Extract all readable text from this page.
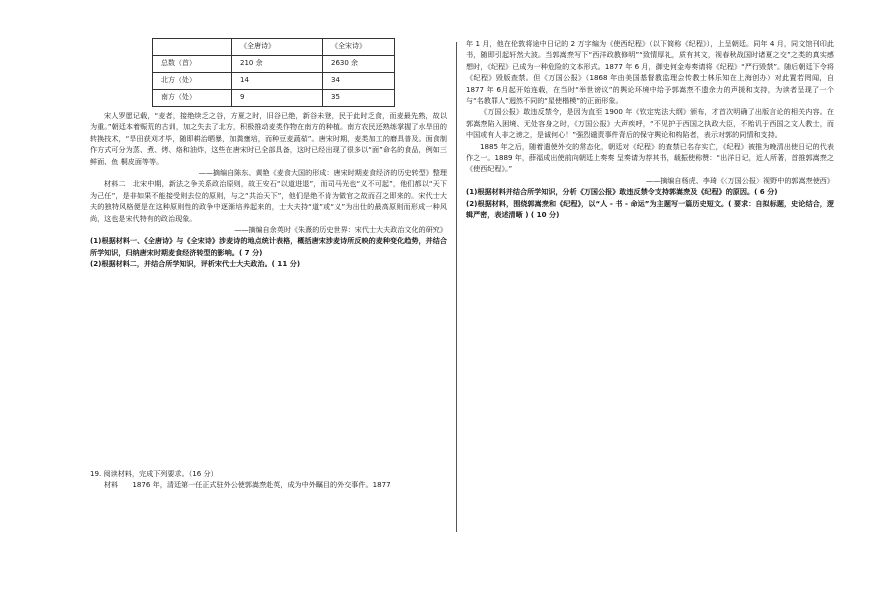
	《全唐诗》	《全宋诗》
总数（首）	210 余	2630 余
北方（处）	14	34
南方（处）	9	35

宋人罗愿记载，“麦者，接绝续乏之谷，方夏之时，旧谷已绝，新谷未登，民于此时乏食，而麦最先熟，故以为重。”朝廷本着赈荒的古训，加之失去了北方，积极推动麦类作物在南方的种植。南方农民还熟练掌握了水旱田的转换技术，“旱田获刈才毕，随即耕治晒暴，加粪壅培，而种豆麦蔬茹”。唐宋时期，麦类加工的磨具普及。面食制作方式可分为蒸、煮、烤、烙和油炸，这些在唐宋时已全部具备，这时已经出现了很多以“面”命名的食品，例如三鲜面、鱼 桐皮面等等。

——摘编自陈东、黄艳《麦食大国的形成：唐宋时期麦食经济的历史转型》整理

材料二　北宋中期，新法之争关系政治原则，故王安石“以道进退”，而司马光也“义不可起”，他们都以“天下为己任”，是非如果不能接受则去位的原则，与之“共治天下”，他们是绝不肯为做官之故而召之即来的。宋代士大夫的独特风格便是在这种原则性的政争中逐渐培养起来的，士大夫持“道”或“义”为出仕的最高原则而形成一种风尚，这也是宋代特有的政治现象。

——摘编自余英时《朱熹的历史世界：宋代士大夫政治文化的研究》

(1)根据材料一、《全唐诗》与《全宋诗》涉麦诗的地点统计表格，概括唐宋涉麦诗所反映的麦种变化趋势，并结合所学知识，归纳唐宋时期麦食经济转型的影响。( 7 分)

(2)根据材料二，并结合所学知识，评析宋代士大夫政治。( 11 分)

19. 阅读材料，完成下列要求。（16 分）

材料　　1876 年，清廷第一任正式驻外公使郭嵩焘赴英，成为中外瞩目的外交事件。1877

年 1 月，他在伦敦将途中日记的 2 万字编为《使西纪程》（以下简称《纪程》），上呈朝廷。同年 4 月，同文馆刊印此书，随即引起轩然大波。当郭嵩焘写下“西洋政教修明”“致情厚礼，质有其文，视春秋战国时诸夏之交”之类的真实感想时，《纪程》已成为一种危险的文本形式。1877 年 6 月，御史何金寿奏请将《纪程》“严行毁禁”。随后朝廷下令将《纪程》毁版查禁。但《万国公报》（1868 年由美国基督教监理会传教士林乐知在上海创办）对此置若罔闻，自 1877 年 6月起开始连载，在当时“举世谤议”的舆论环境中给予郭嵩焘不遗余力的声援和支持，为读者呈现了一个与“名教罪人”迥然不同的“星使楷模”的正面形象。

《万国公报》敢违反禁令，是因为直至 1900 年《钦定宪法大纲》颁布，才首次明确了出版言论的相关内容。在郭嵩焘陷入困境、无处容身之时，《万国公报》大声疾呼，“不见护于西国之执政大臣，不贻讥于西国之文人教士，而中国或有人非之谤之，是诚何心！”强烈谴责事件背后的保守舆论和构陷者，表示对郭的同情和支持。

1885 年之后，随着遣使外交的常态化，朝廷对《纪程》的查禁已名存实亡，《纪程》被推为晚清出使日记的代表作之一。1889 年，薛福成出使前向朝廷上奏奏 呈奏请为荐其书，载振使称赞：“出洋日记，近人所著，首推郭嵩焘之《使西纪程》。”

——摘编自杨虎、李琦《〈万国公报〉视野中的郭嵩焘使西》

(1)根据材料并结合所学知识，分析《万国公报》敢违反禁令支持郭嵩焘及《纪程》的原因。( 6 分)

(2)根据材料，围绕郭嵩焘和《纪程》，以“人 - 书 - 命运”为主题写一篇历史短文。( 要求：自拟标题，史论结合，逻辑严密，表述清晰 ) ( 10 分)
